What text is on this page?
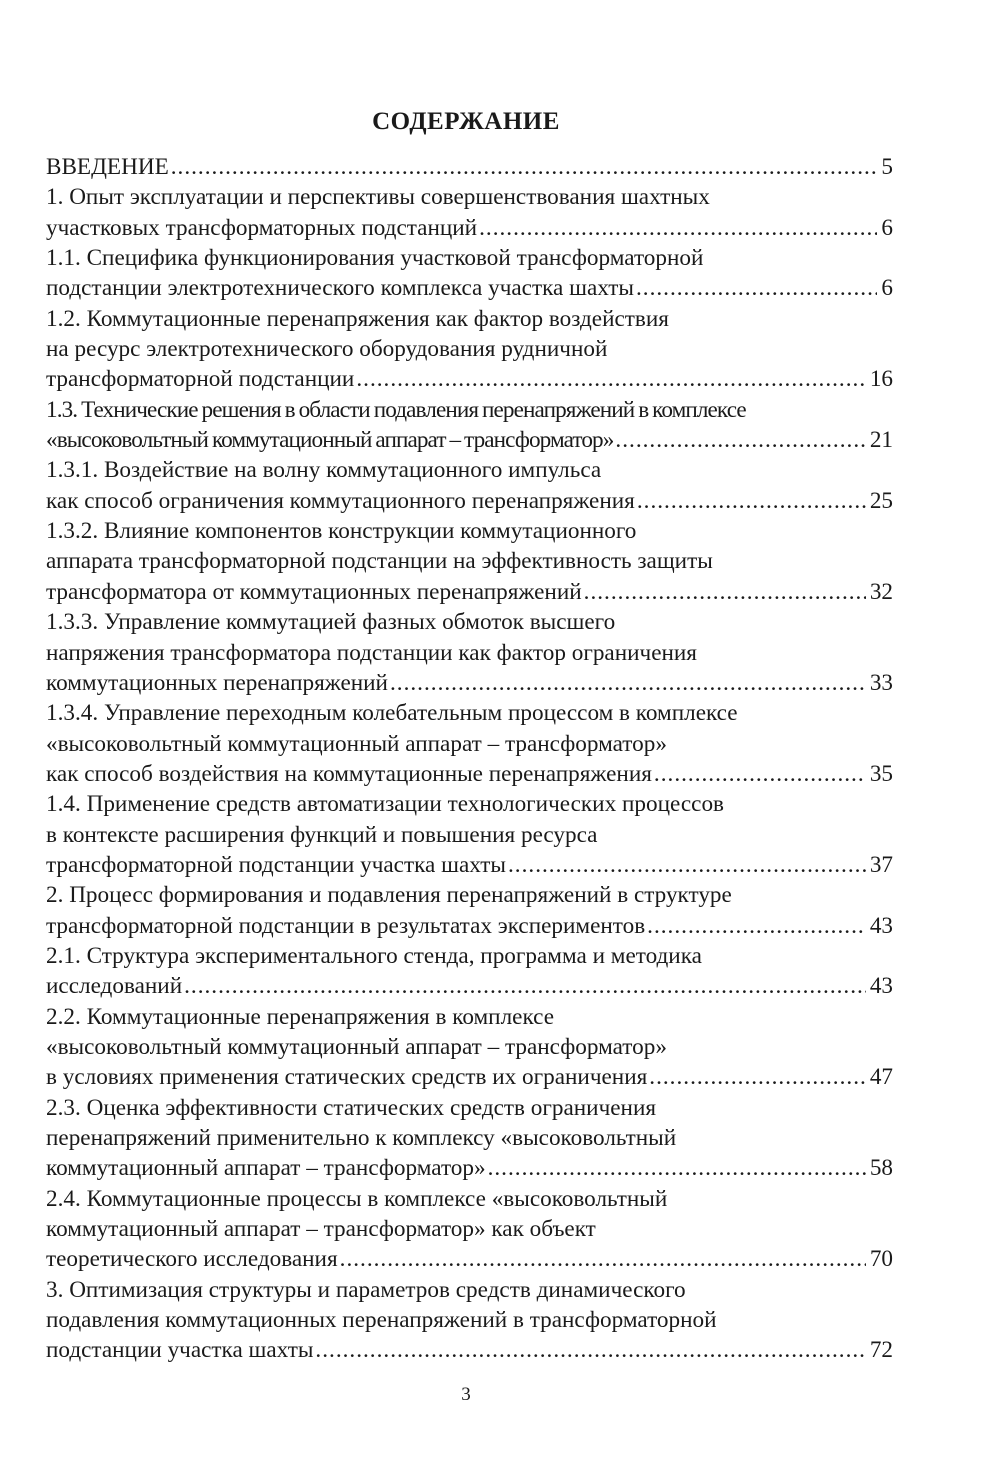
СОДЕРЖАНИЕ
ВВЕДЕНИЕ .....	5
1. Опыт эксплуатации и перспективы совершенствования шахтных
участковых трансформаторных подстанций .....	6
1.1. Специфика функционирования участковой трансформаторной
подстанции электротехнического комплекса участка шахты .....	6
1.2. Коммутационные перенапряжения как фактор воздействия
на ресурс электротехнического оборудования рудничной
трансформаторной подстанции .....	16
1.3. Технические решения в области подавления перенапряжений в комплексе
«высоковольтный коммутационный аппарат – трансформатор» .....	21
1.3.1. Воздействие на волну коммутационного импульса
как способ ограничения коммутационного перенапряжения .....	25
1.3.2. Влияние компонентов конструкции коммутационного
аппарата трансформаторной подстанции на эффективность защиты
трансформатора от коммутационных перенапряжений .....	32
1.3.3. Управление коммутацией фазных обмоток высшего
напряжения трансформатора подстанции как фактор ограничения
коммутационных перенапряжений .....	33
1.3.4. Управление переходным колебательным процессом в комплексе
«высоковольтный коммутационный аппарат – трансформатор»
как способ воздействия на коммутационные перенапряжения .....	35
1.4. Применение средств автоматизации технологических процессов
в контексте расширения функций и повышения ресурса
трансформаторной подстанции участка шахты .....	37
2. Процесс формирования и подавления перенапряжений в структуре
трансформаторной подстанции в результатах экспериментов .....	43
2.1. Структура экспериментального стенда, программа и методика
исследований .....	43
2.2. Коммутационные перенапряжения в комплексе
«высоковольтный коммутационный аппарат – трансформатор»
в условиях применения статических средств их ограничения .....	47
2.3. Оценка эффективности статических средств ограничения
перенапряжений применительно к комплексу «высоковольтный
коммутационный аппарат – трансформатор» .....	58
2.4. Коммутационные процессы в комплексе «высоковольтный
коммутационный аппарат – трансформатор» как объект
теоретического исследования .....	70
3. Оптимизация структуры и параметров средств динамического
подавления коммутационных перенапряжений в трансформаторной
подстанции участка шахты .....	72
3
